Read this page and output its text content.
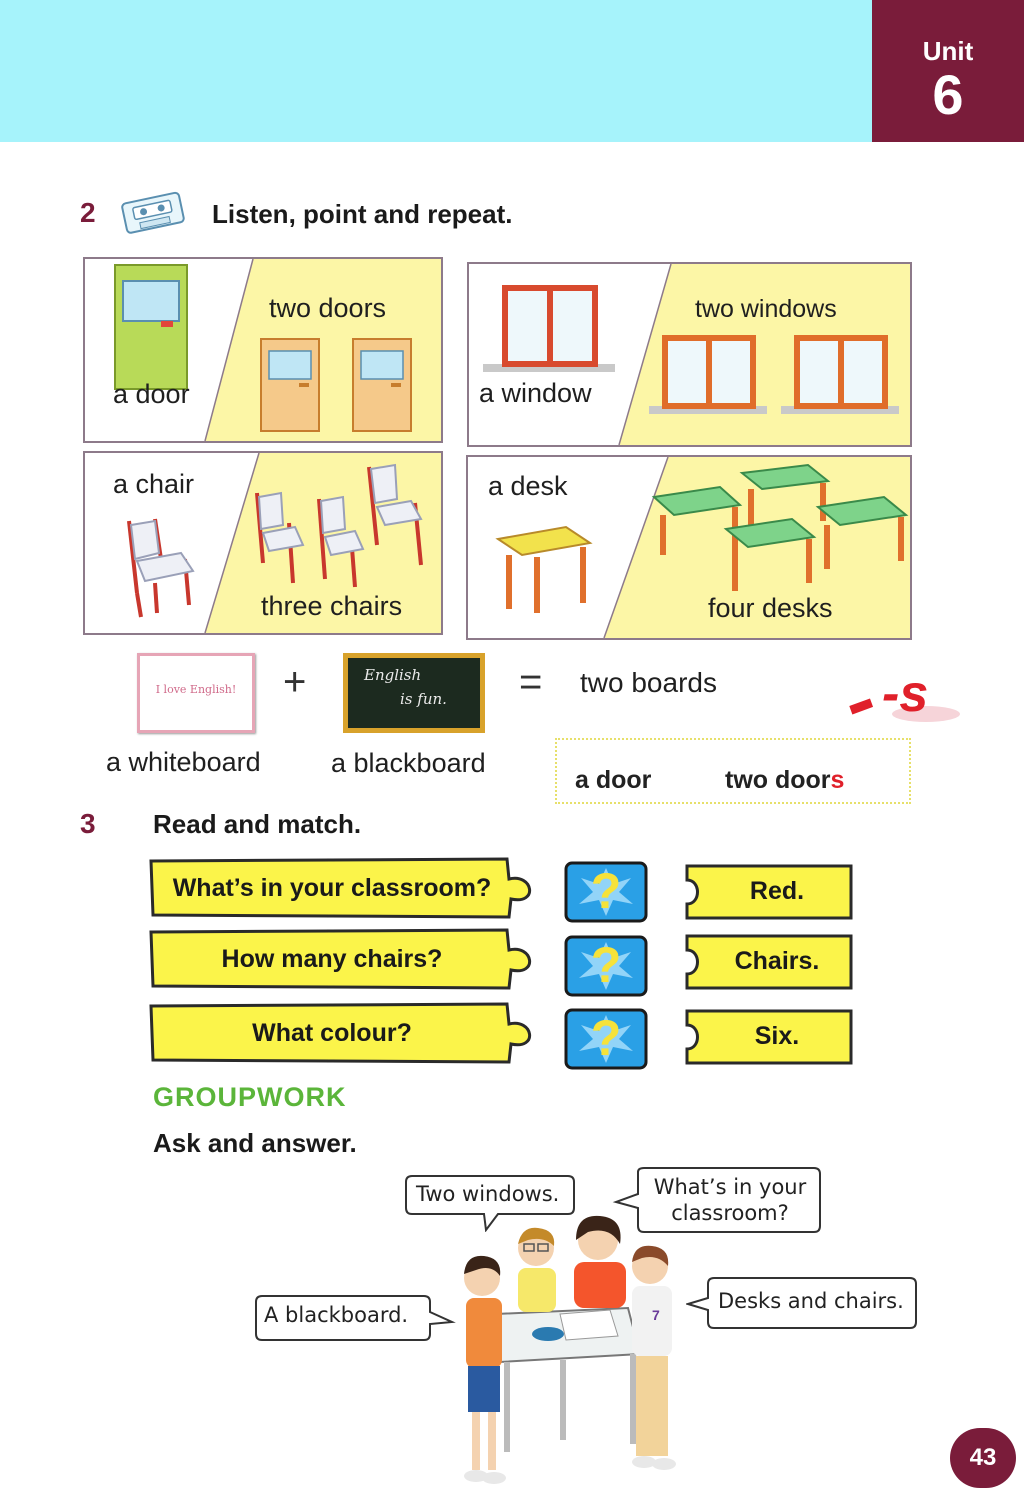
Unit
6
2	Listen, point and repeat.
a door
two doors
a window
two windows
a chair
three chairs
a desk
four desks
I love English!	+	English
is fun. = two boards
a whiteboard	a blackboard
-s
a door	two doors
3 Read and match.
What’s in your classroom?
How many chairs?
What colour?
?
?
?
Red.
Chairs.
Six.
GROUPWORK
Ask and answer.
Two windows.	What’s in your classroom?
A blackboard.
Desks and chairs.
7
43
